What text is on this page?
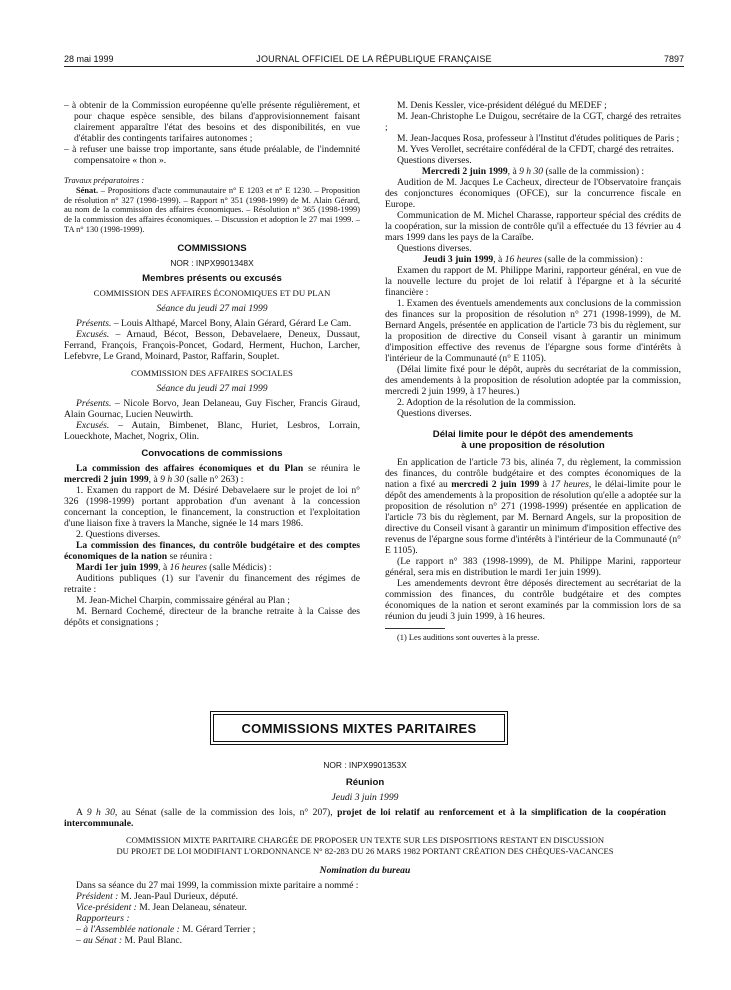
28 mai 1999	JOURNAL OFFICIEL DE LA RÉPUBLIQUE FRANÇAISE	7897

– à obtenir de la Commission européenne qu'elle présente régulièrement, et pour chaque espèce sensible, des bilans d'approvisionnement faisant clairement apparaître l'état des besoins et des disponibilités, en vue d'établir des contingents tarifaires autonomes ;

– à refuser une baisse trop importante, sans étude préalable, de l'indemnité compensatoire « thon ».

Travaux préparatoires :

Sénat. – Propositions d'acte communautaire n° E 1203 et n° E 1230. – Proposition de résolution n° 327 (1998-1999). – Rapport n° 351 (1998-1999) de M. Alain Gérard, au nom de la commission des affaires économiques. – Résolution n° 365 (1998-1999) de la commission des affaires économiques. – Discussion et adoption le 27 mai 1999. – TA n° 130 (1998-1999).

COMMISSIONS

NOR : INPX9901348X

Membres présents ou excusés

COMMISSION DES AFFAIRES ÉCONOMIQUES ET DU PLAN

Séance du jeudi 27 mai 1999

Présents. – Louis Althapé, Marcel Bony, Alain Gérard, Gérard Le Cam.

Excusés. – Arnaud, Bécot, Besson, Debavelaere, Deneux, Dussaut, Ferrand, François, François-Poncet, Godard, Herment, Huchon, Larcher, Lefebvre, Le Grand, Moinard, Pastor, Raffarin, Souplet.

COMMISSION DES AFFAIRES SOCIALES

Séance du jeudi 27 mai 1999

Présents. – Nicole Borvo, Jean Delaneau, Guy Fischer, Francis Giraud, Alain Gournac, Lucien Neuwirth.

Excusés. – Autain, Bimbenet, Blanc, Huriet, Lesbros, Lorrain, Loueckhote, Machet, Nogrix, Olin.

Convocations de commissions

La commission des affaires économiques et du Plan se réunira le mercredi 2 juin 1999, à 9 h 30 (salle n° 263) :

1. Examen du rapport de M. Désiré Debavelaere sur le projet de loi n° 326 (1998-1999) portant approbation d'un avenant à la concession concernant la conception, le financement, la construction et l'exploitation d'une liaison fixe à travers la Manche, signée le 14 mars 1986.

2. Questions diverses.

La commission des finances, du contrôle budgétaire et des comptes économiques de la nation se réunira :

Mardi 1er juin 1999, à 16 heures (salle Médicis) :

Auditions publiques (1) sur l'avenir du financement des régimes de retraite :

M. Jean-Michel Charpin, commissaire général au Plan ;

M. Bernard Cochemé, directeur de la branche retraite à la Caisse des dépôts et consignations ;

M. Denis Kessler, vice-président délégué du MEDEF ;

M. Jean-Christophe Le Duigou, secrétaire de la CGT, chargé des retraites ;

M. Jean-Jacques Rosa, professeur à l'Institut d'études politiques de Paris ;

M. Yves Verollet, secrétaire confédéral de la CFDT, chargé des retraites.

Questions diverses.

Mercredi 2 juin 1999, à 9 h 30 (salle de la commission) :

Audition de M. Jacques Le Cacheux, directeur de l'Observatoire français des conjonctures économiques (OFCE), sur la concurrence fiscale en Europe.

Communication de M. Michel Charasse, rapporteur spécial des crédits de la coopération, sur la mission de contrôle qu'il a effectuée du 13 février au 4 mars 1999 dans les pays de la Caraïbe.

Questions diverses.

Jeudi 3 juin 1999, à 16 heures (salle de la commission) :

Examen du rapport de M. Philippe Marini, rapporteur général, en vue de la nouvelle lecture du projet de loi relatif à l'épargne et à la sécurité financière :

1. Examen des éventuels amendements aux conclusions de la commission des finances sur la proposition de résolution n° 271 (1998-1999), de M. Bernard Angels, présentée en application de l'article 73 bis du règlement, sur la proposition de directive du Conseil visant à garantir un minimum d'imposition effective des revenus de l'épargne sous forme d'intérêts à l'intérieur de la Communauté (n° E 1105).

(Délai limite fixé pour le dépôt, auprès du secrétariat de la commission, des amendements à la proposition de résolution adoptée par la commission, mercredi 2 juin 1999, à 17 heures.)

2. Adoption de la résolution de la commission.

Questions diverses.

Délai limite pour le dépôt des amendements

à une proposition de résolution

En application de l'article 73 bis, alinéa 7, du règlement, la commission des finances, du contrôle budgétaire et des comptes économiques de la nation a fixé au mercredi 2 juin 1999 à 17 heures, le délai-limite pour le dépôt des amendements à la proposition de résolution qu'elle a adoptée sur la proposition de résolution n° 271 (1998-1999) présentée en application de l'article 73 bis du règlement, par M. Bernard Angels, sur la proposition de directive du Conseil visant à garantir un minimum d'imposition effective des revenus de l'épargne sous forme d'intérêts à l'intérieur de la Communauté (n° E 1105).

(Le rapport n° 383 (1998-1999), de M. Philippe Marini, rapporteur général, sera mis en distribution le mardi 1er juin 1999).

Les amendements devront être déposés directement au secrétariat de la commission des finances, du contrôle budgétaire et des comptes économiques de la nation et seront examinés par la commission lors de sa réunion du jeudi 3 juin 1999, à 16 heures.

(1) Les auditions sont ouvertes à la presse.

COMMISSIONS MIXTES PARITAIRES

NOR : INPX9901353X

Réunion

Jeudi 3 juin 1999

A 9 h 30, au Sénat (salle de la commission des lois, n° 207), projet de loi relatif au renforcement et à la simplification de la coopération intercommunale.

COMMISSION MIXTE PARITAIRE CHARGÉE DE PROPOSER UN TEXTE SUR LES DISPOSITIONS RESTANT EN DISCUSSION

DU PROJET DE LOI MODIFIANT L'ORDONNANCE N° 82-283 DU 26 MARS 1982 PORTANT CRÉATION DES CHÈQUES-VACANCES

Nomination du bureau

Dans sa séance du 27 mai 1999, la commission mixte paritaire a nommé :

Président : M. Jean-Paul Durieux, député.

Vice-président : M. Jean Delaneau, sénateur.

Rapporteurs :

– à l'Assemblée nationale : M. Gérard Terrier ;

– au Sénat : M. Paul Blanc.
